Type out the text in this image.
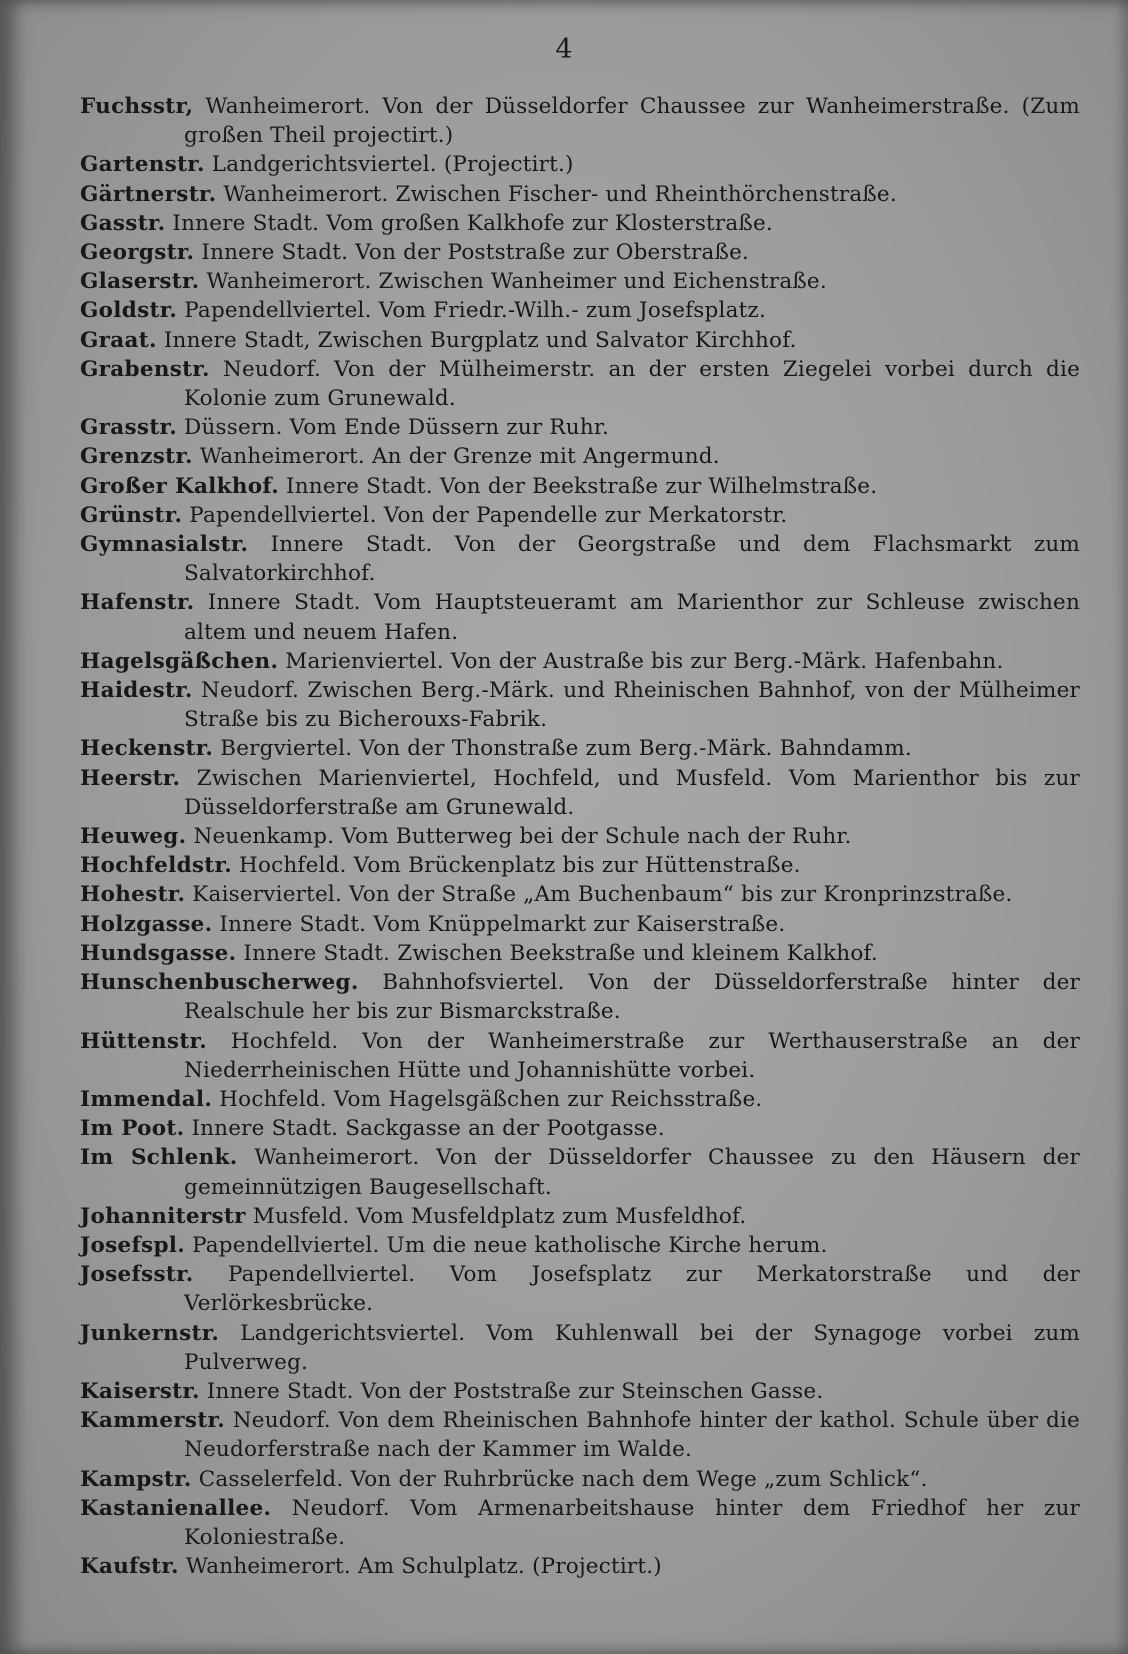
4

Fuchsstr, Wanheimerort. Von der Düsseldorfer Chaussee zur Wanheimerstraße. (Zum großen Theil projectirt.)

Gartenstr. Landgerichtsviertel. (Projectirt.)

Gärtnerstr. Wanheimerort. Zwischen Fischer- und Rheinthörchenstraße.

Gasstr. Innere Stadt. Vom großen Kalkhofe zur Klosterstraße.

Georgstr. Innere Stadt. Von der Poststraße zur Oberstraße.

Glaserstr. Wanheimerort. Zwischen Wanheimer und Eichenstraße.

Goldstr. Papendellviertel. Vom Friedr.-Wilh.- zum Josefsplatz.

Graat. Innere Stadt, Zwischen Burgplatz und Salvator Kirchhof.

Grabenstr. Neudorf. Von der Mülheimerstr. an der ersten Ziegelei vorbei durch die Kolonie zum Grunewald.

Grasstr. Düssern. Vom Ende Düssern zur Ruhr.

Grenzstr. Wanheimerort. An der Grenze mit Angermund.

Großer Kalkhof. Innere Stadt. Von der Beekstraße zur Wilhelmstraße.

Grünstr. Papendellviertel. Von der Papendelle zur Merkatorstr.

Gymnasialstr. Innere Stadt. Von der Georgstraße und dem Flachsmarkt zum Salvatorkirchhof.

Hafenstr. Innere Stadt. Vom Hauptsteueramt am Marienthor zur Schleuse zwischen altem und neuem Hafen.

Hagelsgäßchen. Marienviertel. Von der Austraße bis zur Berg.-Märk. Hafenbahn.

Haidestr. Neudorf. Zwischen Berg.-Märk. und Rheinischen Bahnhof, von der Mülheimer Straße bis zu Bicherouxs-Fabrik.

Heckenstr. Bergviertel. Von der Thonstraße zum Berg.-Märk. Bahndamm.

Heerstr. Zwischen Marienviertel, Hochfeld, und Musfeld. Vom Marienthor bis zur Düsseldorferstraße am Grunewald.

Heuweg. Neuenkamp. Vom Butterweg bei der Schule nach der Ruhr.

Hochfeldstr. Hochfeld. Vom Brückenplatz bis zur Hüttenstraße.

Hohestr. Kaiserviertel. Von der Straße „Am Buchenbaum“ bis zur Kronprinzstraße.

Holzgasse. Innere Stadt. Vom Knüppelmarkt zur Kaiserstraße.

Hundsgasse. Innere Stadt. Zwischen Beekstraße und kleinem Kalkhof.

Hunschenbuscherweg. Bahnhofsviertel. Von der Düsseldorferstraße hinter der Realschule her bis zur Bismarckstraße.

Hüttenstr. Hochfeld. Von der Wanheimerstraße zur Werthauserstraße an der Niederrheinischen Hütte und Johannishütte vorbei.

Immendal. Hochfeld. Vom Hagelsgäßchen zur Reichsstraße.

Im Poot. Innere Stadt. Sackgasse an der Pootgasse.

Im Schlenk. Wanheimerort. Von der Düsseldorfer Chaussee zu den Häusern der gemeinnützigen Baugesellschaft.

Johanniterstr Musfeld. Vom Musfeldplatz zum Musfeldhof.

Josefspl. Papendellviertel. Um die neue katholische Kirche herum.

Josefsstr. Papendellviertel. Vom Josefsplatz zur Merkatorstraße und der Verlörkesbrücke.

Junkernstr. Landgerichtsviertel. Vom Kuhlenwall bei der Synagoge vorbei zum Pulverweg.

Kaiserstr. Innere Stadt. Von der Poststraße zur Steinschen Gasse.

Kammerstr. Neudorf. Von dem Rheinischen Bahnhofe hinter der kathol. Schule über die Neudorferstraße nach der Kammer im Walde.

Kampstr. Casselerfeld. Von der Ruhrbrücke nach dem Wege „zum Schlick“.

Kastanienallee. Neudorf. Vom Armenarbeitshause hinter dem Friedhof her zur Koloniestraße.

Kaufstr. Wanheimerort. Am Schulplatz. (Projectirt.)
